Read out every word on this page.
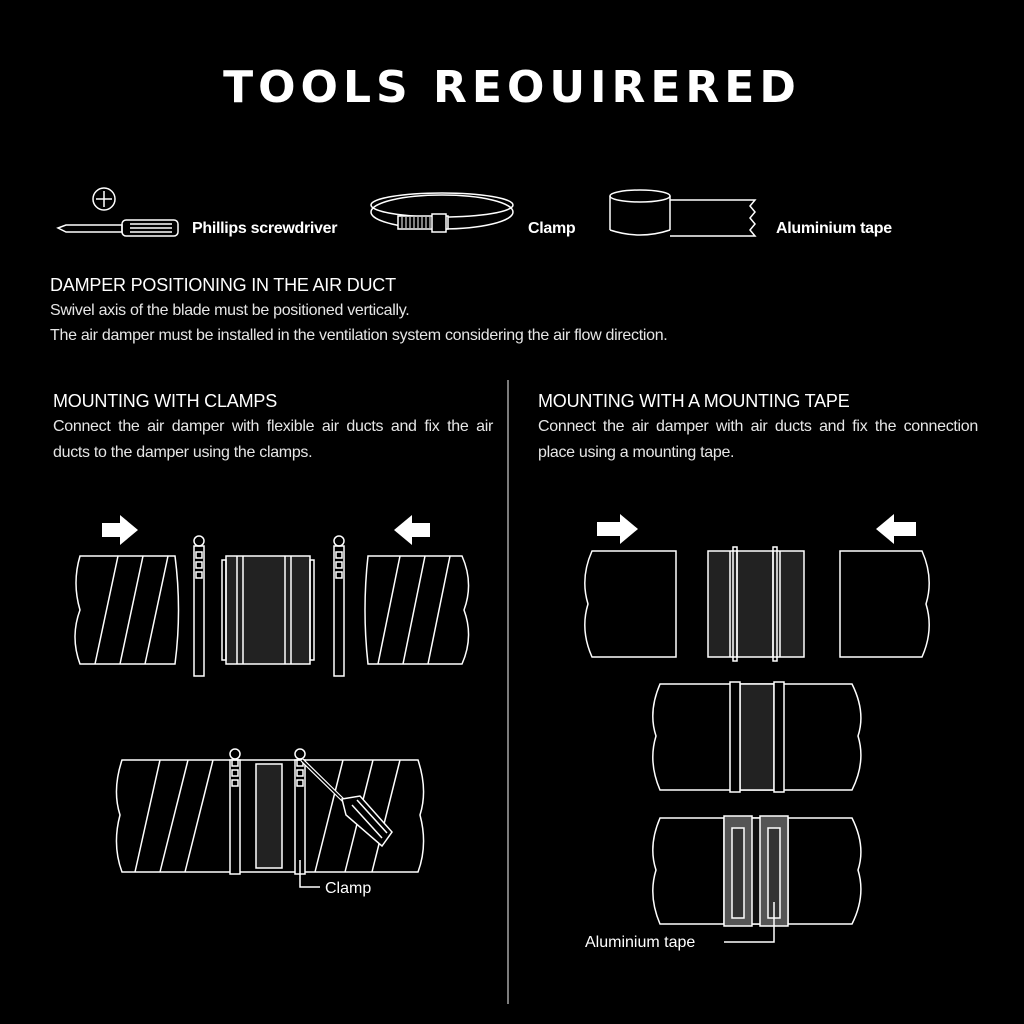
TOOLS REOUIRERED
Phillips screwdriver	Clamp	Aluminium tape
DAMPER POSITIONING IN THE AIR DUCT
Swivel axis of the blade must be positioned vertically.
The air damper must be installed in the ventilation system considering the air flow direction.
MOUNTING WITH CLAMPS
Connect the air damper with flexible air ducts and fix the air ducts to the damper using the clamps.
MOUNTING WITH A MOUNTING TAPE
Connect the air damper with air ducts and fix the connection place using a mounting tape.
Clamp
Aluminium tape
